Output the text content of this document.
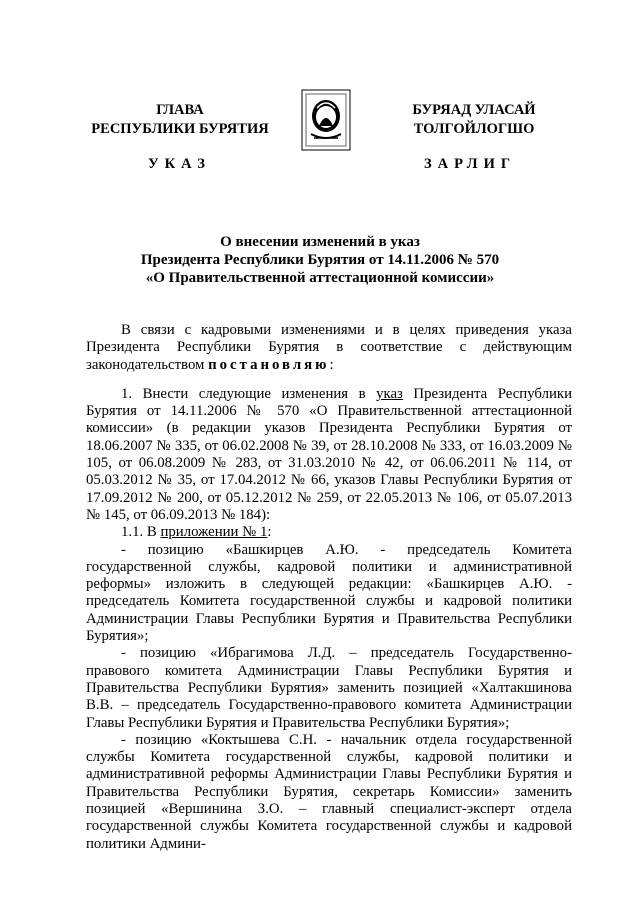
ГЛАВА
РЕСПУБЛИКИ БУРЯТИЯ
БУРЯАД УЛАСАЙ
ТОЛГОЙЛОГШО
УКАЗ	ЗАРЛИГ
О внесении изменений в указ
Президента Республики Бурятия от 14.11.2006 № 570
«О Правительственной аттестационной комиссии»

В связи с кадровыми изменениями и в целях приведения указа Президента Республики Бурятия в соответствие с действующим законодательством постановляю:

1. Внести следующие изменения в указ Президента Республики Бурятия от 14.11.2006 № 570 «О Правительственной аттестационной комиссии» (в редакции указов Президента Республики Бурятия от 18.06.2007 № 335, от 06.02.2008 № 39, от 28.10.2008 № 333, от 16.03.2009 № 105, от 06.08.2009 № 283, от 31.03.2010 № 42, от 06.06.2011 № 114, от 05.03.2012 № 35, от 17.04.2012 № 66, указов Главы Республики Бурятия от 17.09.2012 № 200, от 05.12.2012 № 259, от 22.05.2013 № 106, от 05.07.2013 № 145, от 06.09.2013 № 184):

1.1. В приложении № 1:

- позицию «Башкирцев А.Ю. - председатель Комитета государственной службы, кадровой политики и административной реформы» изложить в следующей редакции: «Башкирцев А.Ю. - председатель Комитета государственной службы и кадровой политики Администрации Главы Республики Бурятия и Правительства Республики Бурятия»;

- позицию «Ибрагимова Л.Д. – председатель Государственно-правового комитета Администрации Главы Республики Бурятия и Правительства Республики Бурятия» заменить позицией «Халтакшинова В.В. – председатель Государственно-правового комитета Администрации Главы Республики Бурятия и Правительства Республики Бурятия»;

- позицию «Коктышева С.Н. - начальник отдела государственной службы Комитета государственной службы, кадровой политики и административной реформы Администрации Главы Республики Бурятия и Правительства Республики Бурятия, секретарь Комиссии» заменить позицией «Вершинина З.О. – главный специалист-эксперт отдела государственной службы Комитета государственной службы и кадровой политики Админи-
